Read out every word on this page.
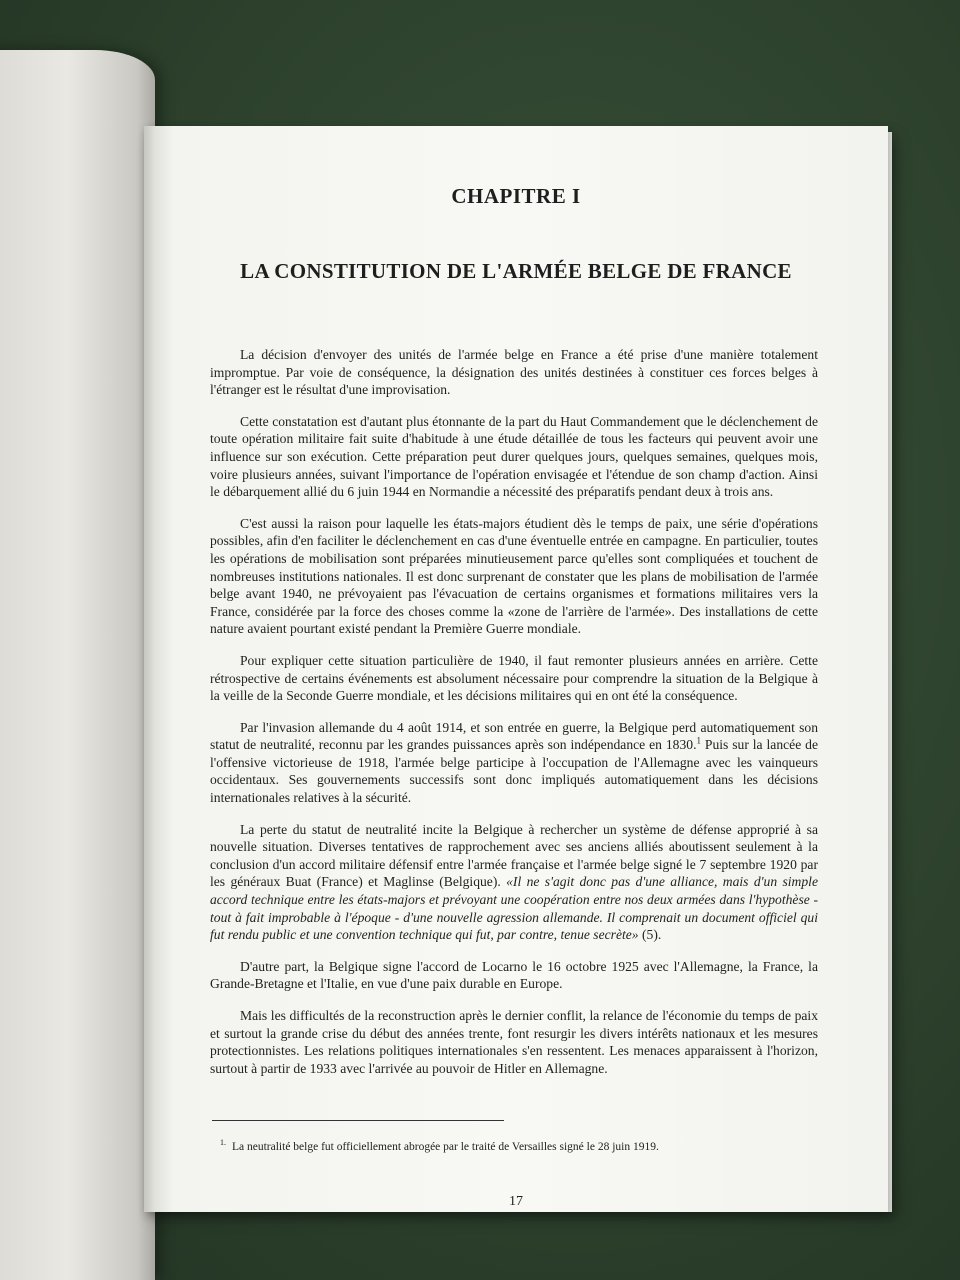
CHAPITRE I
LA CONSTITUTION DE L'ARMÉE BELGE DE FRANCE

La décision d'envoyer des unités de l'armée belge en France a été prise d'une manière totalement impromptue. Par voie de conséquence, la désignation des unités destinées à constituer ces forces belges à l'étranger est le résultat d'une improvisation.

Cette constatation est d'autant plus étonnante de la part du Haut Commandement que le déclenchement de toute opération militaire fait suite d'habitude à une étude détaillée de tous les facteurs qui peuvent avoir une influence sur son exécution. Cette préparation peut durer quelques jours, quelques semaines, quelques mois, voire plusieurs années, suivant l'importance de l'opération envisagée et l'étendue de son champ d'action. Ainsi le débarquement allié du 6 juin 1944 en Normandie a nécessité des préparatifs pendant deux à trois ans.

C'est aussi la raison pour laquelle les états-majors étudient dès le temps de paix, une série d'opérations possibles, afin d'en faciliter le déclenchement en cas d'une éventuelle entrée en campagne. En particulier, toutes les opérations de mobilisation sont préparées minutieusement parce qu'elles sont compliquées et touchent de nombreuses institutions nationales. Il est donc surprenant de constater que les plans de mobilisation de l'armée belge avant 1940, ne prévoyaient pas l'évacuation de certains organismes et formations militaires vers la France, considérée par la force des choses comme la «zone de l'arrière de l'armée». Des installations de cette nature avaient pourtant existé pendant la Première Guerre mondiale.

Pour expliquer cette situation particulière de 1940, il faut remonter plusieurs années en arrière. Cette rétrospective de certains événements est absolument nécessaire pour comprendre la situation de la Belgique à la veille de la Seconde Guerre mondiale, et les décisions militaires qui en ont été la conséquence.

Par l'invasion allemande du 4 août 1914, et son entrée en guerre, la Belgique perd automatiquement son statut de neutralité, reconnu par les grandes puissances après son indépendance en 1830.$^1$ Puis sur la lancée de l'offensive victorieuse de 1918, l'armée belge participe à l'occupation de l'Allemagne avec les vainqueurs occidentaux. Ses gouvernements successifs sont donc impliqués automatiquement dans les décisions internationales relatives à la sécurité.

La perte du statut de neutralité incite la Belgique à rechercher un système de défense approprié à sa nouvelle situation. Diverses tentatives de rapprochement avec ses anciens alliés aboutissent seulement à la conclusion d'un accord militaire défensif entre l'armée française et l'armée belge signé le 7 septembre 1920 par les généraux Buat (France) et Maglinse (Belgique). «Il ne s'agit donc pas d'une alliance, mais d'un simple accord technique entre les états-majors et prévoyant une coopération entre nos deux armées dans l'hypothèse - tout à fait improbable à l'époque - d'une nouvelle agression allemande. Il comprenait un document officiel qui fut rendu public et une convention technique qui fut, par contre, tenue secrète» (5).

D'autre part, la Belgique signe l'accord de Locarno le 16 octobre 1925 avec l'Allemagne, la France, la Grande-Bretagne et l'Italie, en vue d'une paix durable en Europe.

Mais les difficultés de la reconstruction après le dernier conflit, la relance de l'économie du temps de paix et surtout la grande crise du début des années trente, font resurgir les divers intérêts nationaux et les mesures protectionnistes. Les relations politiques internationales s'en ressentent. Les menaces apparaissent à l'horizon, surtout à partir de 1933 avec l'arrivée au pouvoir de Hitler en Allemagne.

$^{1.}$ La neutralité belge fut officiellement abrogée par le traité de Versailles signé le 28 juin 1919.
17
